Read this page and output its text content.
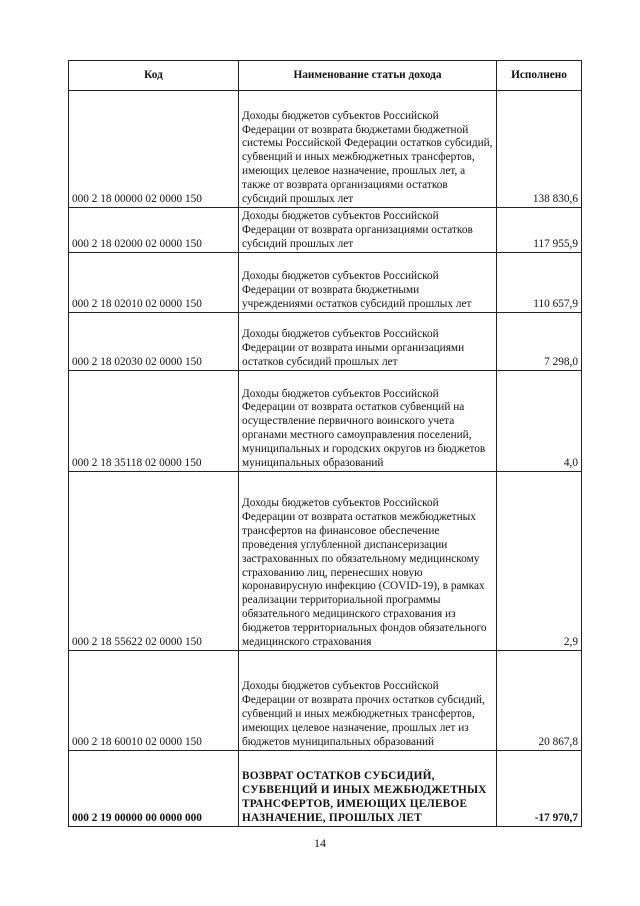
Код	Наименование статьи дохода	Исполнено
000 2 18 00000 02 0000 150	Доходы бюджетов субъектов Российской Федерации от возврата бюджетами бюджетной системы Российской Федерации остатков субсидий, субвенций и иных межбюджетных трансфертов, имеющих целевое назначение, прошлых лет, а также от возврата организациями остатков субсидий прошлых лет	138 830,6
000 2 18 02000 02 0000 150	Доходы бюджетов субъектов Российской Федерации от возврата организациями остатков субсидий прошлых лет	117 955,9
000 2 18 02010 02 0000 150	Доходы бюджетов субъектов Российской Федерации от возврата бюджетными учреждениями остатков субсидий прошлых лет	110 657,9
000 2 18 02030 02 0000 150	Доходы бюджетов субъектов Российской Федерации от возврата иными организациями остатков субсидий прошлых лет	7 298,0
000 2 18 35118 02 0000 150	Доходы бюджетов субъектов Российской Федерации от возврата остатков субвенций на осуществление первичного воинского учета органами местного самоуправления поселений, муниципальных и городских округов из бюджетов муниципальных образований	4,0
000 2 18 55622 02 0000 150	Доходы бюджетов субъектов Российской Федерации от возврата остатков межбюджетных трансфертов на финансовое обеспечение проведения углубленной диспансеризации застрахованных по обязательному медицинскому страхованию лиц, перенесших новую коронавирусную инфекцию (COVID-19), в рамках реализации территориальной программы обязательного медицинского страхования из бюджетов территориальных фондов обязательного медицинского страхования	2,9
000 2 18 60010 02 0000 150	Доходы бюджетов субъектов Российской Федерации от возврата прочих остатков субсидий, субвенций и иных межбюджетных трансфертов, имеющих целевое назначение, прошлых лет из бюджетов муниципальных образований	20 867,8
000 2 19 00000 00 0000 000	ВОЗВРАТ ОСТАТКОВ СУБСИДИЙ, СУБВЕНЦИЙ И ИНЫХ МЕЖБЮДЖЕТНЫХ ТРАНСФЕРТОВ, ИМЕЮЩИХ ЦЕЛЕВОЕ НАЗНАЧЕНИЕ, ПРОШЛЫХ ЛЕТ	-17 970,7
14
